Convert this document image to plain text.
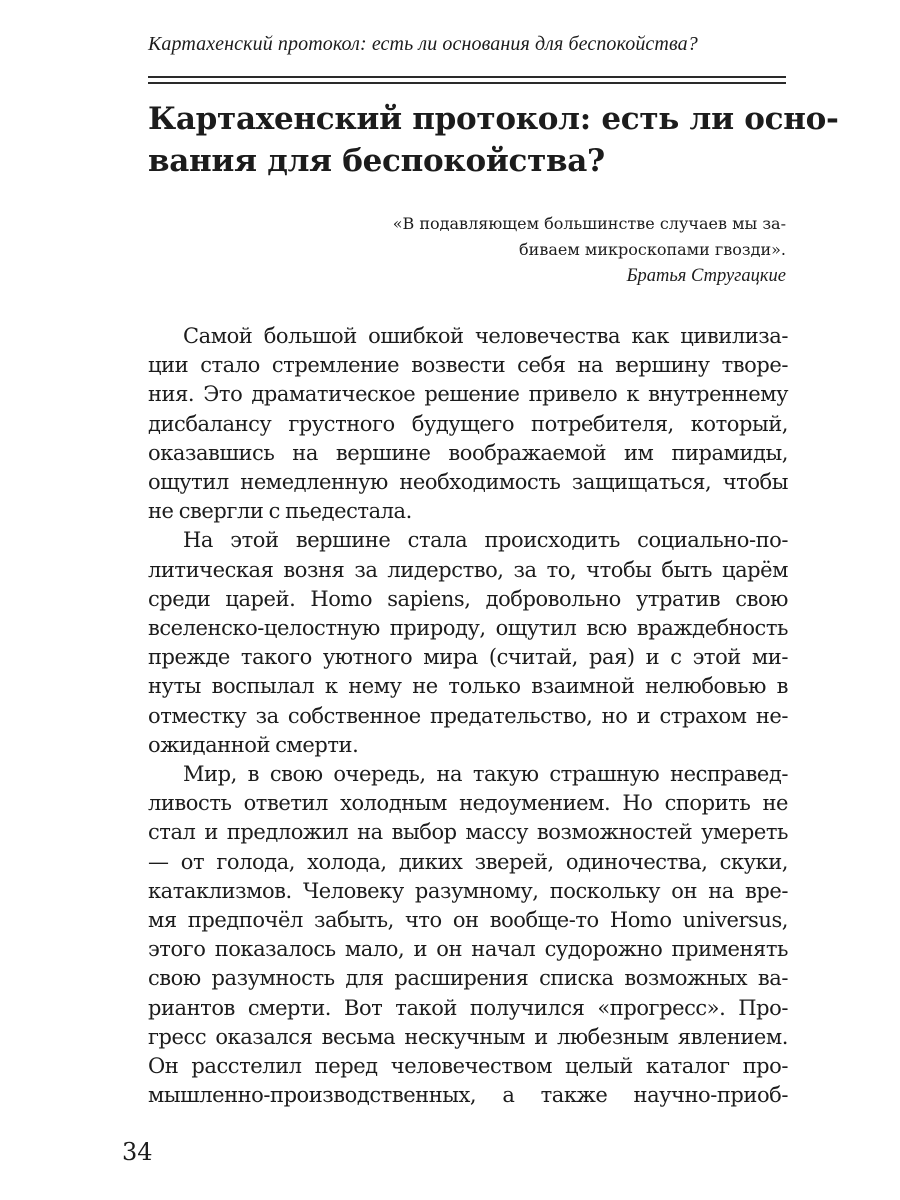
Картахенский протокол: есть ли основания для беспокойства?
Картахенский протокол: есть ли осно-
вания для беспокойства?
«В подавляющем большинстве случаев мы за-
биваем микроскопами гвозди».
Братья Стругацкие
Самой большой ошибкой человечества как цивилиза-
ции стало стремление возвести себя на вершину творе-
ния. Это драматическое решение привело к внутреннему
дисбалансу грустного будущего потребителя, который,
оказавшись на вершине воображаемой им пирамиды,
ощутил немедленную необходимость защищаться, чтобы
не свергли с пьедестала.
На этой вершине стала происходить социально-по-
литическая возня за лидерство, за то, чтобы быть царём
среди царей. Homo sapiens, добровольно утратив свою
вселенско-целостную природу, ощутил всю враждебность
прежде такого уютного мира (считай, рая) и с этой ми-
нуты воспылал к нему не только взаимной нелюбовью в
отместку за собственное предательство, но и страхом не-
ожиданной смерти.
Мир, в свою очередь, на такую страшную несправед-
ливость ответил холодным недоумением. Но спорить не
стал и предложил на выбор массу возможностей умереть
— от голода, холода, диких зверей, одиночества, скуки,
катаклизмов. Человеку разумному, поскольку он на вре-
мя предпочёл забыть, что он вообще-то Homo universus,
этого показалось мало, и он начал судорожно применять
свою разумность для расширения списка возможных ва-
риантов смерти. Вот такой получился «прогресс». Про-
гресс оказался весьма нескучным и любезным явлением.
Он расстелил перед человечеством целый каталог про-
мышленно-производственных, а также научно-приоб-
34
